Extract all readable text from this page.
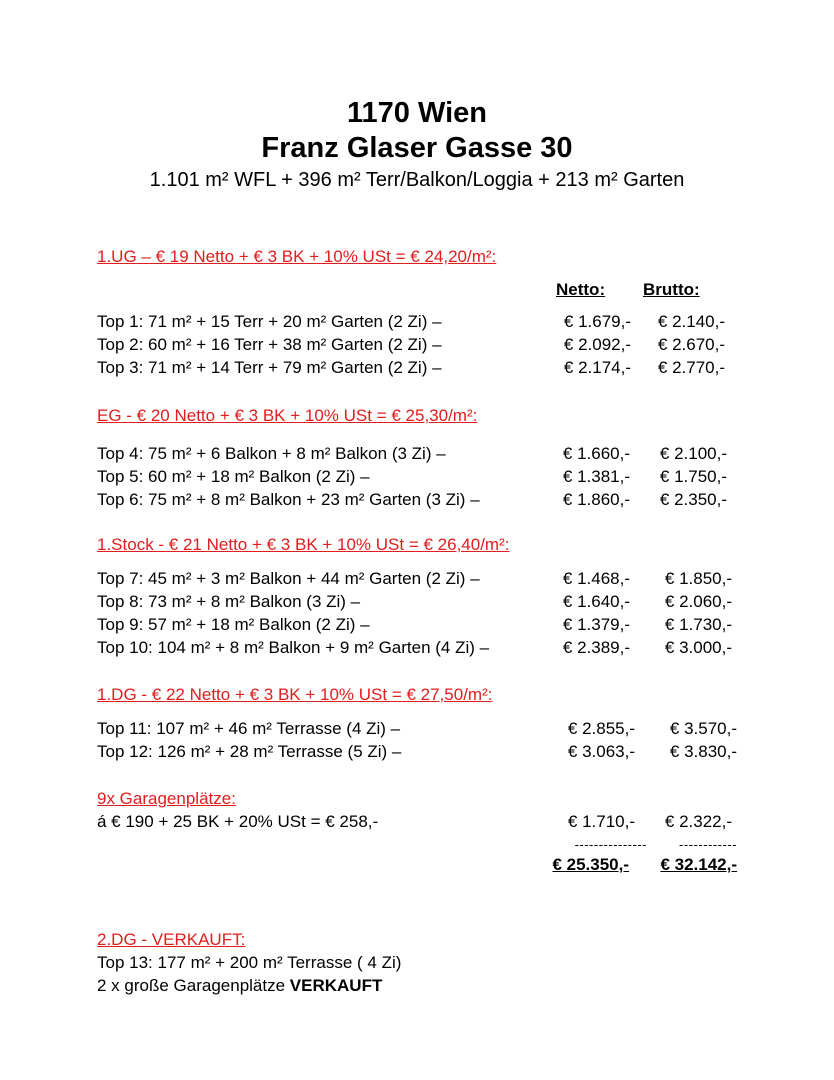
1170 Wien
Franz Glaser Gasse 30
1.101 m² WFL + 396 m² Terr/Balkon/Loggia + 213 m² Garten
1.UG – € 19 Netto + € 3 BK + 10% USt = € 24,20/m²:
Netto: Brutto:
Top 1: 71 m² + 15 Terr + 20 m² Garten (2 Zi) –	€ 1.679,- € 2.140,-
Top 2: 60 m² + 16 Terr + 38 m² Garten (2 Zi) –	€ 2.092,- € 2.670,-
Top 3: 71 m² + 14 Terr + 79 m² Garten (2 Zi) –	€ 2.174,- € 2.770,-
EG - € 20 Netto + € 3 BK + 10% USt = € 25,30/m²:
Top 4: 75 m² + 6 Balkon + 8 m² Balkon (3 Zi) –	€ 1.660,- € 2.100,-
Top 5: 60 m² + 18 m² Balkon (2 Zi) –	€ 1.381,- € 1.750,-
Top 6: 75 m² + 8 m² Balkon + 23 m² Garten (3 Zi) –	€ 1.860,- € 2.350,-
1.Stock - € 21 Netto + € 3 BK + 10% USt = € 26,40/m²:
Top 7: 45 m² + 3 m² Balkon + 44 m² Garten (2 Zi) –	€ 1.468,- € 1.850,-
Top 8: 73 m² + 8 m² Balkon (3 Zi) –	€ 1.640,- € 2.060,-
Top 9: 57 m² + 18 m² Balkon (2 Zi) –	€ 1.379,- € 1.730,-
Top 10: 104 m² + 8 m² Balkon + 9 m² Garten (4 Zi) –	€ 2.389,- € 3.000,-
1.DG - € 22 Netto + € 3 BK + 10% USt = € 27,50/m²:
Top 11: 107 m² + 46 m² Terrasse (4 Zi) –	€ 2.855,- € 3.570,-
Top 12: 126 m² + 28 m² Terrasse (5 Zi) –	€ 3.063,- € 3.830,-
9x Garagenplätze:
á € 190 + 25 BK + 20% USt = € 258,-	€ 1.710,- € 2.322,-
--------------- ------------
€ 25.350,- € 32.142,-
2.DG - VERKAUFT:
Top 13: 177 m² + 200 m² Terrasse ( 4 Zi)
2 x große Garagenplätze VERKAUFT
